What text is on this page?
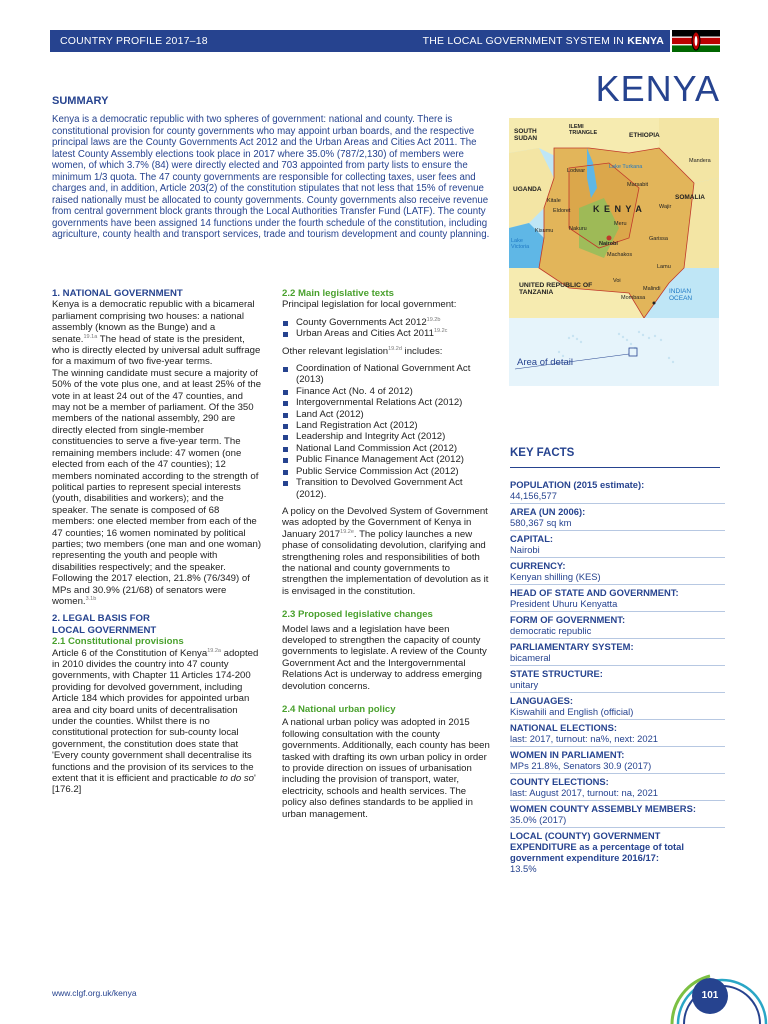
COUNTRY PROFILE 2017–18	THE LOCAL GOVERNMENT SYSTEM IN KENYA
KENYA
SUMMARY
Kenya is a democratic republic with two spheres of government: national and county. There is constitutional provision for county governments who may appoint urban boards, and the respective principal laws are the County Governments Act 2012 and the Urban Areas and Cities Act 2011. The latest County Assembly elections took place in 2017 where 35.0% (787/2,130) of members were women, of which 3.7% (84) were directly elected and 703 appointed from party lists to ensure the minimum 1/3 quota. The 47 county governments are responsible for collecting taxes, user fees and charges and, in addition, Article 203(2) of the constitution stipulates that not less that 15% of revenue raised nationally must be allocated to county governments. County governments also receive revenue from central government block grants through the Local Authorities Transfer Fund (LATF). The county governments have been assigned 14 functions under the fourth schedule of the constitution, including agriculture, county health and transport services, trade and tourism development and county planning.
1. NATIONAL GOVERNMENT

Kenya is a democratic republic with a bicameral parliament comprising two houses: a national assembly (known as the Bunge) and a senate.$^{19.1a}$ The head of state is the president, who is directly elected by universal adult suffrage for a maximum of two five-year terms.

The winning candidate must secure a majority of 50% of the vote plus one, and at least 25% of the vote in at least 24 out of the 47 counties, and may not be a member of parliament. Of the 350 members of the national assembly, 290 are directly elected from single-member constituencies to serve a five-year term. The remaining members include: 47 women (one elected from each of the 47 counties); 12 members nominated according to the strength of political parties to represent special interests (youth, disabilities and workers); and the speaker. The senate is composed of 68 members: one elected member from each of the 47 counties; 16 women nominated by political parties; two members (one man and one woman) representing the youth and people with disabilities respectively; and the speaker. Following the 2017 election, 21.8% (76/349) of MPs and 30.9% (21/68) of senators were women.$^{3.1b}$

2. LEGAL BASIS FOR
LOCAL GOVERNMENT
2.1 Constitutional provisions

Article 6 of the Constitution of Kenya$^{19.2a}$ adopted in 2010 divides the country into 47 county governments, with Chapter 11 Articles 174-200 providing for devolved government, including Article 184 which provides for appointed urban area and city board units of decentralisation under the counties. Whilst there is no constitutional protection for sub-county local government, the constitution does state that 'Every county government shall decentralise its functions and the provision of its services to the extent that it is efficient and practicable to do so' [176.2]

2.2 Main legislative texts

Principal legislation for local government:

County Governments Act $2012^{19.2b}$
Urban Areas and Cities Act $2011^{19.2c}$

Other relevant legislation$^{19.2d}$ includes:

Coordination of National Government Act (2013)
Finance Act (No. 4 of 2012)
Intergovernmental Relations Act (2012)
Land Act (2012)
Land Registration Act (2012)
Leadership and Integrity Act (2012)
National Land Commission Act (2012)
Public Finance Management Act (2012)
Public Service Commission Act (2012)
Transition to Devolved Government Act (2012).

A policy on the Devolved System of Government was adopted by the Government of Kenya in January $2017^{19.2e}$. The policy launches a new phase of consolidating devolution, clarifying and strengthening roles and responsibilities of both the national and county governments to strengthen the implementation of devolution as it is envisaged in the constitution.

2.3 Proposed legislative changes

Model laws and a legislation have been developed to strengthen the capacity of county governments to legislate. A review of the County Government Act and the Intergovernmental Relations Act is underway to address emerging devolution concerns.

2.4 National urban policy

A national urban policy was adopted in 2015 following consultation with the county governments. Additionally, each county has been tasked with drafting its own urban policy in order to provide direction on issues of urbanisation including the provision of transport, water, electricity, schools and health services. The policy also defines standards to be applied in urban management.

SOUTH SUDAN
ILEMI TRIANGLE	ETHIOPIA
UGANDA
K E N Y A
SOMALIA
UNITED REPUBLIC OF TANZANIA	INDIAN OCEAN
Lake Turkana
Lake Victoria
Lodwar
Mandera
Marsabit
Wajir
Eldoret
Kitale
Meru
Kisumu	Nakuru
Nairobi
Garissa
Machakos
Lamu
Malindi
Mombasa
Voi
Area of detail
KEY FACTS
POPULATION (2015 estimate):
44,156,577
AREA (UN 2006):
580,367 sq km
CAPITAL:
Nairobi
CURRENCY:
Kenyan shilling (KES)
HEAD OF STATE AND GOVERNMENT:
President Uhuru Kenyatta
FORM OF GOVERNMENT:
democratic republic
PARLIAMENTARY SYSTEM:
bicameral
STATE STRUCTURE:
unitary
LANGUAGES:
Kiswahili and English (official)
NATIONAL ELECTIONS:
last: 2017, turnout: na%, next: 2021
WOMEN IN PARLIAMENT:
MPs 21.8%, Senators 30.9 (2017)
COUNTY ELECTIONS:
last: August 2017, turnout: na, 2021
WOMEN COUNTY ASSEMBLY MEMBERS:
35.0% (2017)
LOCAL (COUNTY) GOVERNMENT EXPENDITURE as a percentage of total government expenditure 2016/17:
13.5%
www.clgf.org.uk/kenya	101
